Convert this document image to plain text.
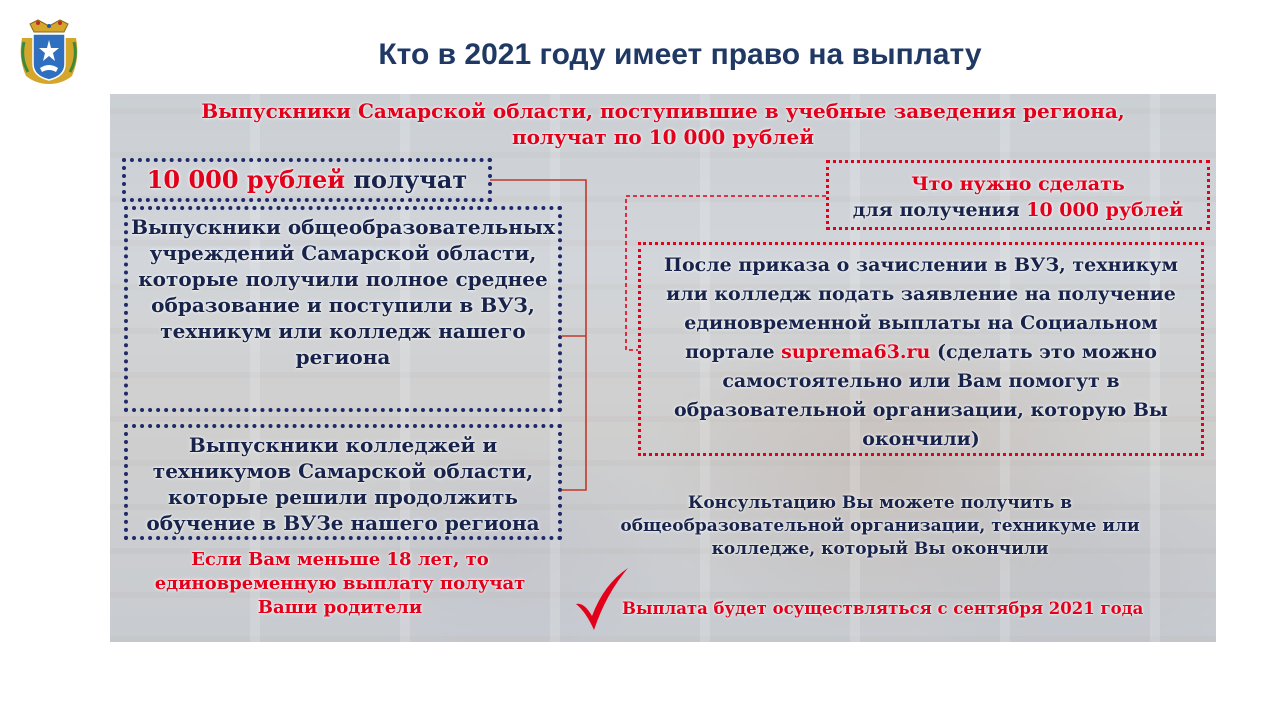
Кто в 2021 году имеет право на выплату
Выпускники Самарской области, поступившие в учебные заведения региона,
получат по 10 000 рублей
10 000 рублей получат
Выпускники общеобразовательных учреждений Самарской области, которые получили полное среднее образование и поступили в ВУЗ, техникум или колледж нашего региона
Выпускники колледжей и техникумов Самарской области, которые решили продолжить обучение в ВУЗе нашего региона
Если Вам меньше 18 лет, то единовременную выплату получат Ваши родители
Что нужно сделать
для получения 10 000 рублей
После приказа о зачислении в ВУЗ, техникум или колледж подать заявление на получение единовременной выплаты на Социальном портале suprema63.ru (сделать это можно самостоятельно или Вам помогут в образовательной организации, которую Вы окончили)
Консультацию Вы можете получить в общеобразовательной организации, техникуме или колледже, который Вы окончили
Выплата будет осуществляться с сентября 2021 года
